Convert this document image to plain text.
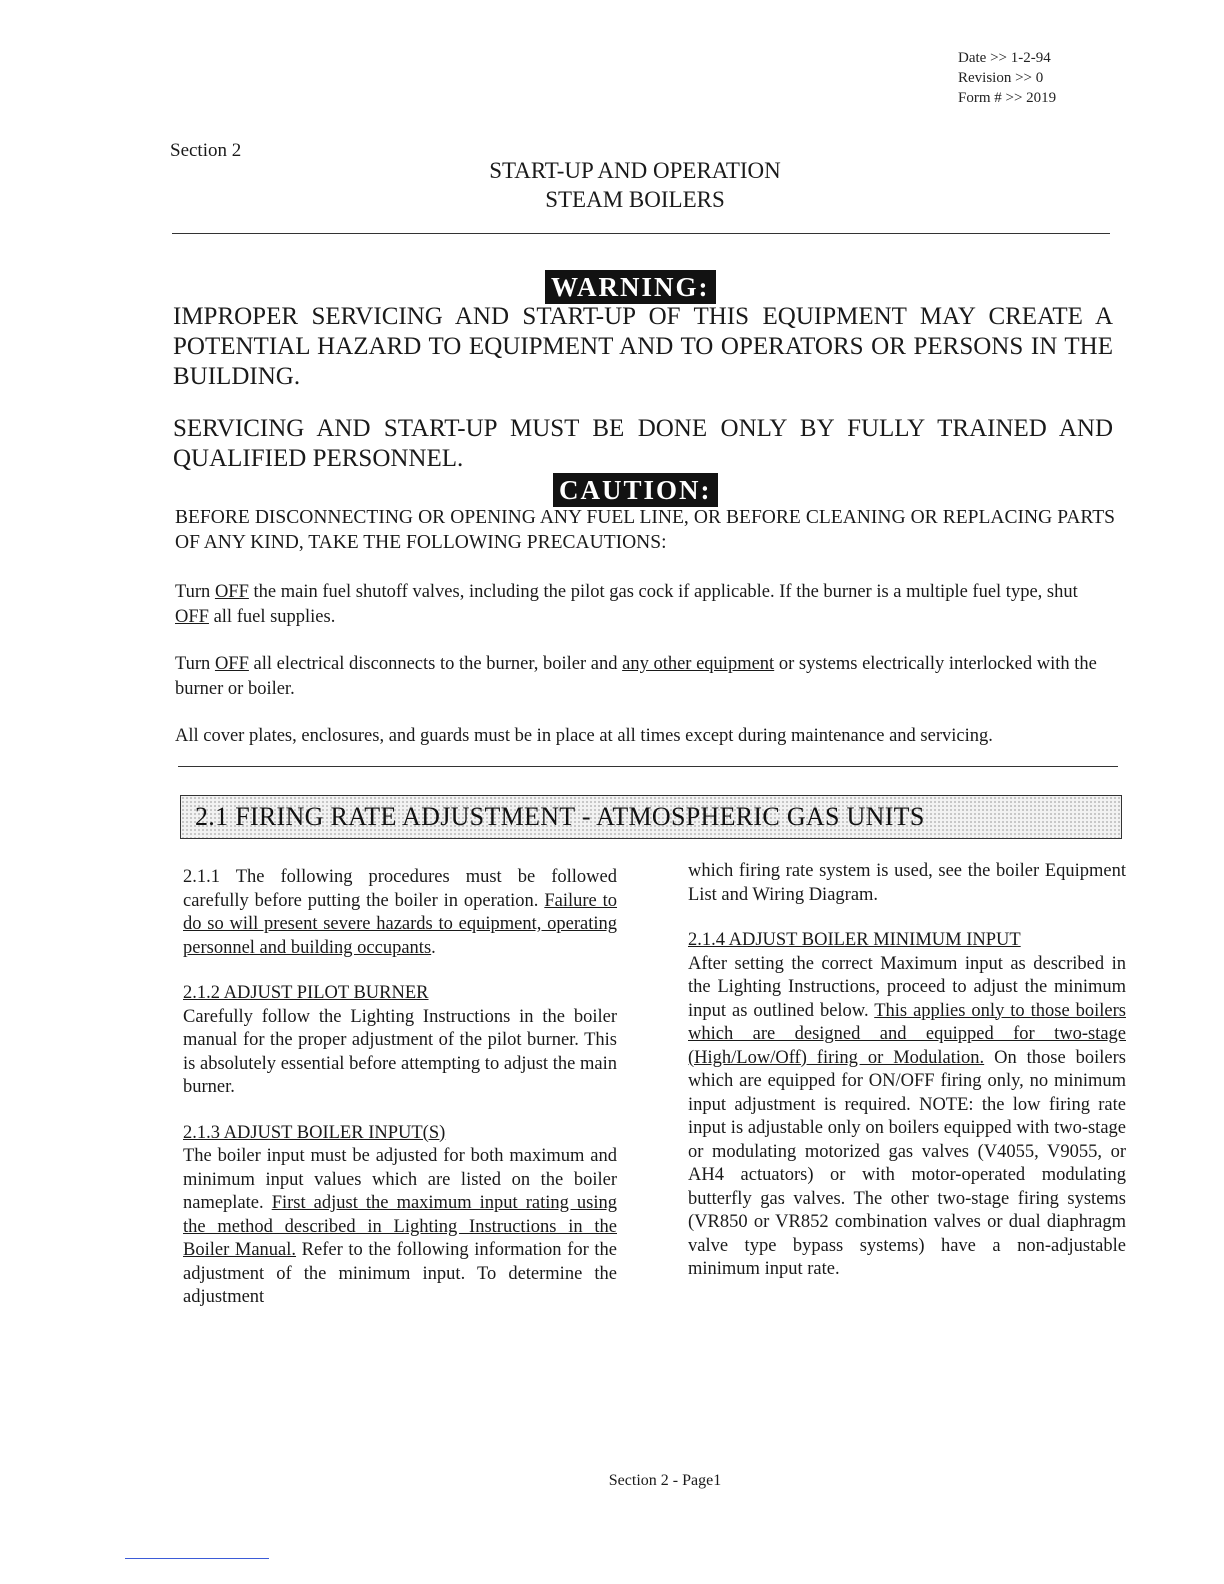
Date >> 1-2-94
Revision >> 0
Form # >> 2019
Section 2
START-UP AND OPERATION
STEAM BOILERS
WARNING:
IMPROPER SERVICING AND START-UP OF THIS EQUIPMENT MAY CREATE A POTENTIAL HAZARD TO EQUIPMENT AND TO OPERATORS OR PERSONS IN THE BUILDING.
SERVICING AND START-UP MUST BE DONE ONLY BY FULLY TRAINED AND QUALIFIED PERSONNEL.
CAUTION:
BEFORE DISCONNECTING OR OPENING ANY FUEL LINE, OR BEFORE CLEANING OR REPLACING PARTS OF ANY KIND, TAKE THE FOLLOWING PRECAUTIONS:
Turn OFF the main fuel shutoff valves, including the pilot gas cock if applicable. If the burner is a multiple fuel type, shut OFF all fuel supplies.
Turn OFF all electrical disconnects to the burner, boiler and any other equipment or systems electrically interlocked with the burner or boiler.
All cover plates, enclosures, and guards must be in place at all times except during maintenance and servicing.
2.1 FIRING RATE ADJUSTMENT - ATMOSPHERIC GAS UNITS

2.1.1 The following procedures must be followed carefully before putting the boiler in operation. Failure to do so will present severe hazards to equipment, operating personnel and building occupants.

2.1.2 ADJUST PILOT BURNER
Carefully follow the Lighting Instructions in the boiler manual for the proper adjustment of the pilot burner. This is absolutely essential before attempting to adjust the main burner.

2.1.3 ADJUST BOILER INPUT(S)
The boiler input must be adjusted for both maximum and minimum input values which are listed on the boiler nameplate. First adjust the maximum input rating using the method described in Lighting Instructions in the Boiler Manual. Refer to the following information for the adjustment of the minimum input. To determine the adjustment

which firing rate system is used, see the boiler Equipment List and Wiring Diagram.

2.1.4 ADJUST BOILER MINIMUM INPUT
After setting the correct Maximum input as described in the Lighting Instructions, proceed to adjust the minimum input as outlined below. This applies only to those boilers which are designed and equipped for two-stage (High/Low/Off) firing or Modulation. On those boilers which are equipped for ON/OFF firing only, no minimum input adjustment is required. NOTE: the low firing rate input is adjustable only on boilers equipped with two-stage or modulating motorized gas valves (V4055, V9055, or AH4 actuators) or with motor-operated modulating butterfly gas valves. The other two-stage firing systems (VR850 or VR852 combination valves or dual diaphragm valve type bypass systems) have a non-adjustable minimum input rate.

Section 2 - Page1
